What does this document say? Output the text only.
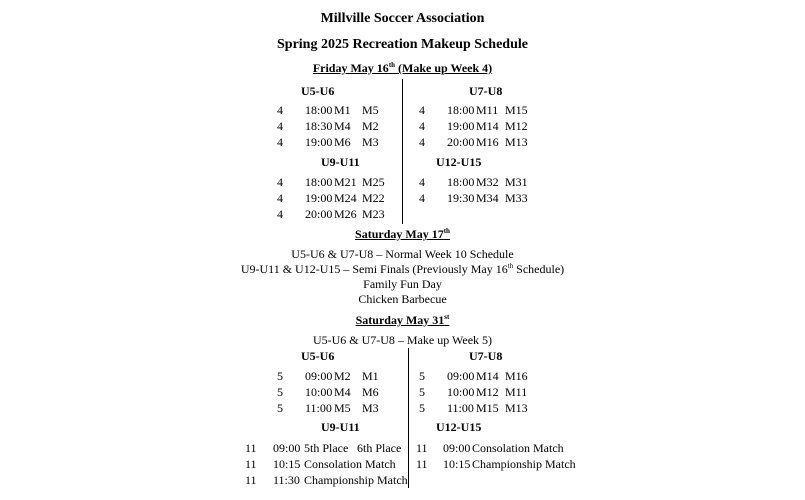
Millville Soccer Association
Spring 2025 Recreation Makeup Schedule
Friday May 16th (Make up Week 4)
U5-U6
4 18:00 M1 M5
4 18:30 M4 M2
4 19:00 M6 M3
U7-U8
4 18:00 M11 M15
4 19:00 M14 M12
4 20:00 M16 M13
U9-U11
4 18:00 M21 M25
4 19:00 M24 M22
4 20:00 M26 M23
U12-U15
4 18:00 M32 M31
4 19:30 M34 M33
Saturday May 17th
U5-U6 & U7-U8 – Normal Week 10 Schedule
U9-U11 & U12-U15 – Semi Finals (Previously May 16th Schedule)
Family Fun Day
Chicken Barbecue
Saturday May 31st
U5-U6 & U7-U8 – Make up Week 5)
U5-U6
5 09:00 M2 M1
5 10:00 M4 M6
5 11:00 M5 M3
U7-U8
5 09:00 M14 M16
5 10:00 M12 M11
5 11:00 M15 M13
U9-U11
11 09:00 5th Place 6th Place
11 10:15 Consolation Match
11 11:30 Championship Match
U12-U15
11 09:00 Consolation Match
11 10:15 Championship Match
